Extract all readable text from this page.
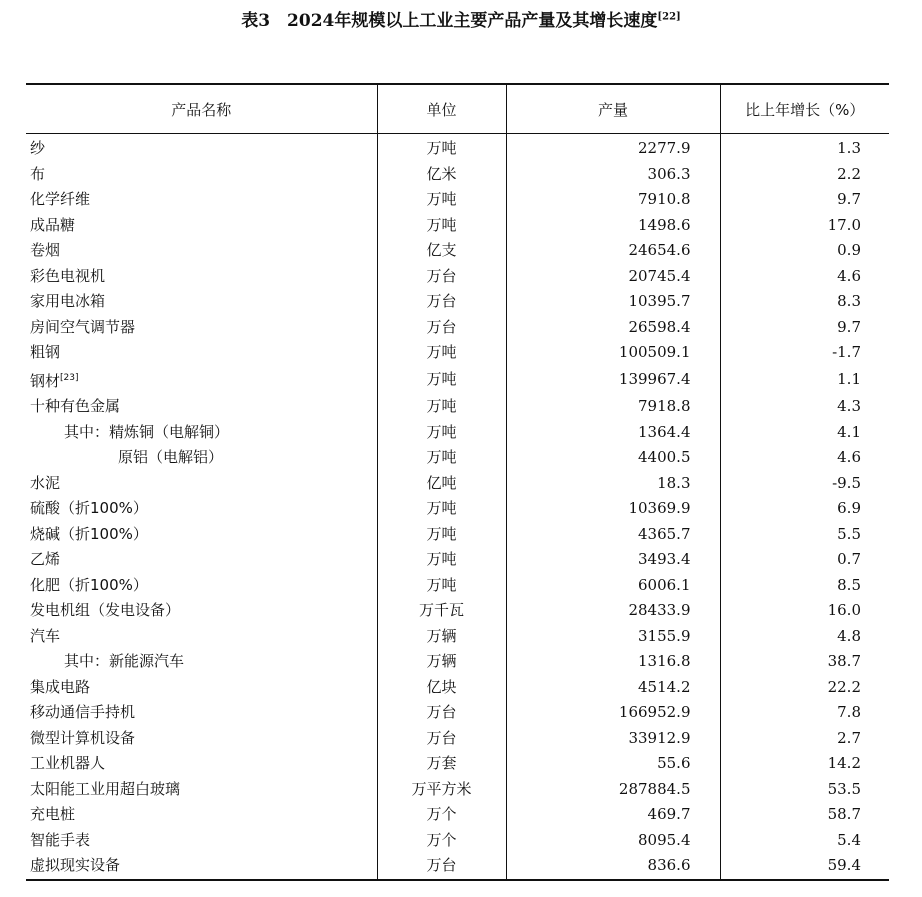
表3　2024年规模以上工业主要产品产量及其增长速度[22]
产品名称	单位	产量	比上年增长（%）
纱	万吨	2277.9	1.3
布	亿米	306.3	2.2
化学纤维	万吨	7910.8	9.7
成品糖	万吨	1498.6	17.0
卷烟	亿支	24654.6	0.9
彩色电视机	万台	20745.4	4.6
家用电冰箱	万台	10395.7	8.3
房间空气调节器	万台	26598.4	9.7
粗钢	万吨	100509.1	-1.7
钢材[23]	万吨	139967.4	1.1
十种有色金属	万吨	7918.8	4.3
其中：精炼铜（电解铜）	万吨	1364.4	4.1
原铝（电解铝）	万吨	4400.5	4.6
水泥	亿吨	18.3	-9.5
硫酸（折100%）	万吨	10369.9	6.9
烧碱（折100%）	万吨	4365.7	5.5
乙烯	万吨	3493.4	0.7
化肥（折100%）	万吨	6006.1	8.5
发电机组（发电设备）	万千瓦	28433.9	16.0
汽车	万辆	3155.9	4.8
其中：新能源汽车	万辆	1316.8	38.7
集成电路	亿块	4514.2	22.2
移动通信手持机	万台	166952.9	7.8
微型计算机设备	万台	33912.9	2.7
工业机器人	万套	55.6	14.2
太阳能工业用超白玻璃	万平方米	287884.5	53.5
充电桩	万个	469.7	58.7
智能手表	万个	8095.4	5.4
虚拟现实设备	万台	836.6	59.4
